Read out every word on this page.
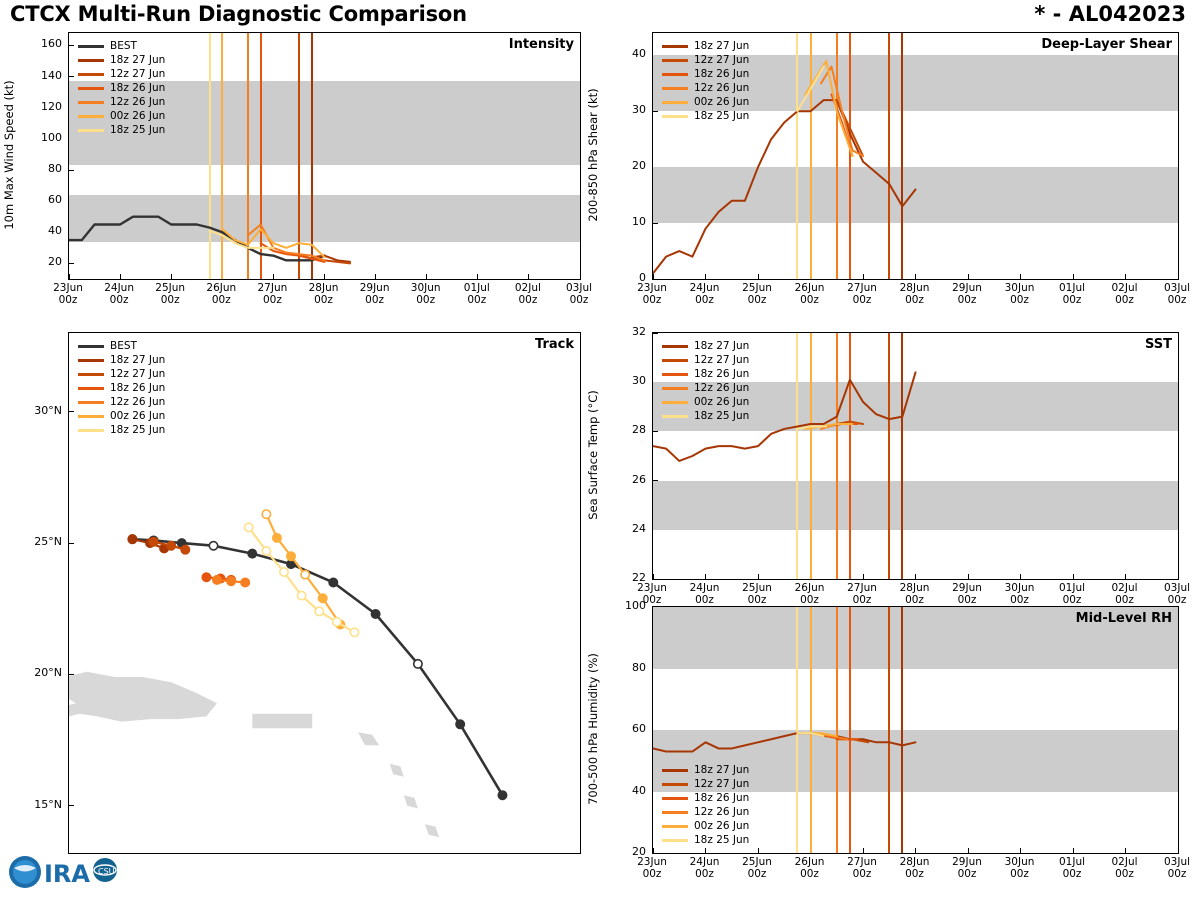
CTCX Multi-Run Diagnostic Comparison	* - AL042023
BEST
18z 27 Jun
12z 27 Jun
18z 26 Jun
12z 26 Jun
00z 26 Jun
18z 25 Jun
Intensity	18z 27 Jun
12z 27 Jun
18z 26 Jun
12z 26 Jun
00z 26 Jun
18z 25 Jun
Deep-Layer Shear
BEST
18z 27 Jun
12z 27 Jun
18z 26 Jun
12z 26 Jun
00z 26 Jun
18z 25 Jun
Track	18z 27 Jun
12z 27 Jun
18z 26 Jun
12z 26 Jun
00z 26 Jun
18z 25 Jun
SST
18z 27 Jun
12z 27 Jun
18z 26 Jun
12z 26 Jun
00z 26 Jun
18z 25 Jun
Mid-Level RH
IRA CSU
20
40
60
80
100
120
140
160
10m Max Wind Speed (kt)
23Jun
00z
24Jun
00z
25Jun
00z
26Jun
00z
27Jun
00z
28Jun
00z
29Jun
00z
30Jun
00z
01Jul
00z
02Jul
00z
03Jul
00z
0
10
20
30
40
200-850 hPa Shear (kt)
23Jun
00z
24Jun
00z
25Jun
00z
26Jun
00z
27Jun
00z
28Jun
00z
29Jun
00z
30Jun
00z
01Jul
00z
02Jul
00z
03Jul
00z
22
24
26
28
30
32
Sea Surface Temp (°C)
23Jun
00z
24Jun
00z
25Jun
00z
26Jun
00z
27Jun
00z
28Jun
00z
29Jun
00z
30Jun
00z
01Jul
00z
02Jul
00z
03Jul
00z
20
40
60
80
100
700-500 hPa Humidity (%)
23Jun
00z
24Jun
00z
25Jun
00z
26Jun
00z
27Jun
00z
28Jun
00z
29Jun
00z
30Jun
00z
01Jul
00z
02Jul
00z
03Jul
00z
15°N
20°N
25°N
30°N
